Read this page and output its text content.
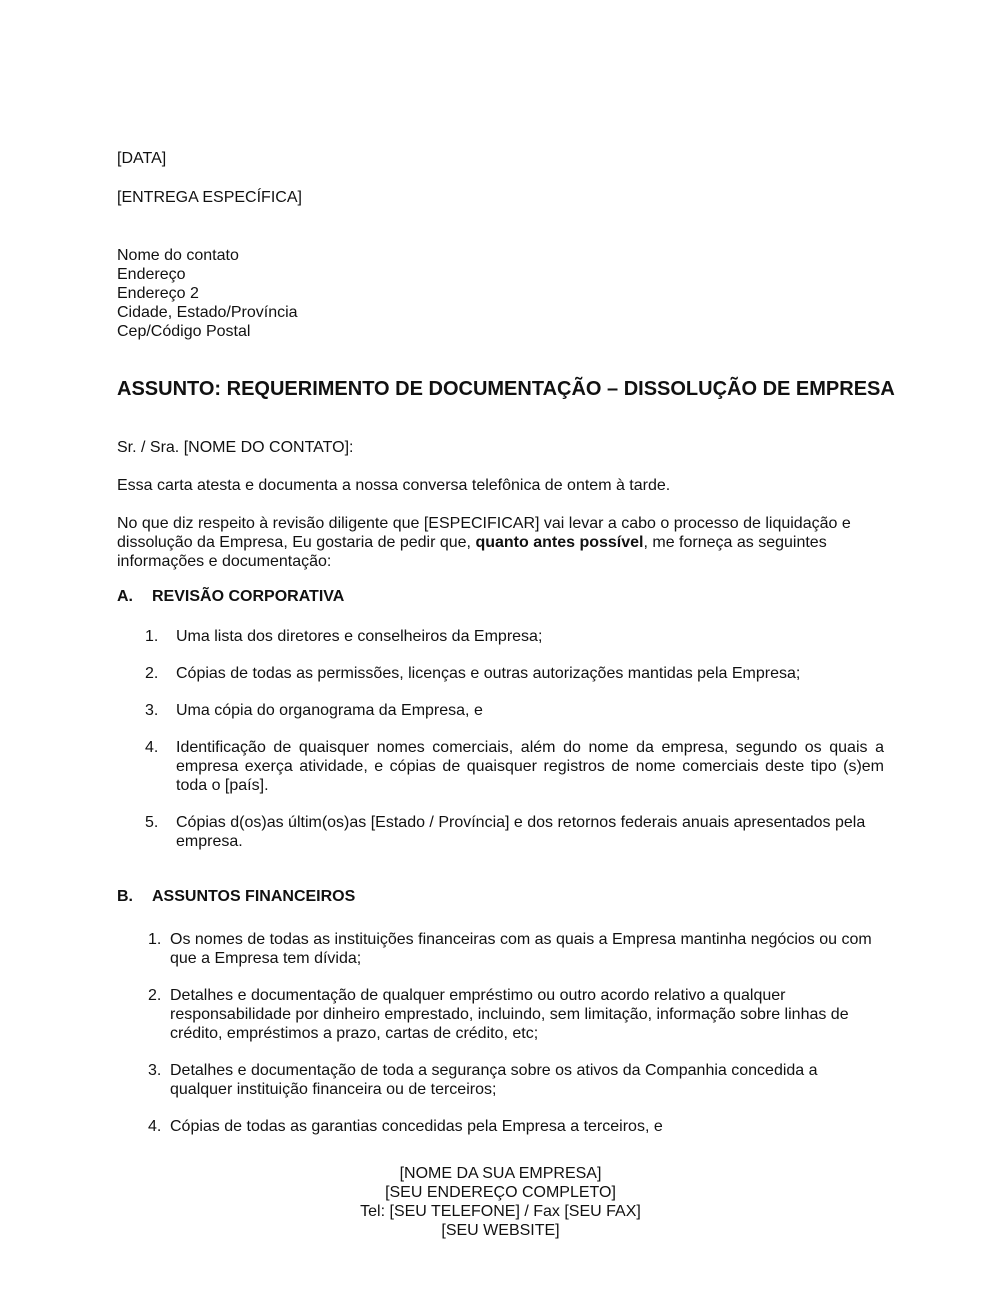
[DATA]

[ENTREGA ESPECÍFICA]

Nome do contato
Endereço
Endereço 2
Cidade, Estado/Província
Cep/Código Postal

ASSUNTO: REQUERIMENTO DE DOCUMENTAÇÃO – DISSOLUÇÃO DE EMPRESA

Sr. / Sra. [NOME DO CONTATO]:

Essa carta atesta e documenta a nossa conversa telefônica de ontem à tarde.

No que diz respeito à revisão diligente que [ESPECIFICAR] vai levar a cabo o processo de liquidação e dissolução da Empresa, Eu gostaria de pedir que, quanto antes possível, me forneça as seguintes informações e documentação:

A. REVISÃO CORPORATIVA

1. Uma lista dos diretores e conselheiros da Empresa;
2. Cópias de todas as permissões, licenças e outras autorizações mantidas pela Empresa;
3. Uma cópia do organograma da Empresa, e
4. Identificação de quaisquer nomes comerciais, além do nome da empresa, segundo os quais a empresa exerça atividade, e cópias de quaisquer registros de nome comerciais deste tipo (s)em toda o [país].
5. Cópias d(os)as últim(os)as [Estado / Província] e dos retornos federais anuais apresentados pela empresa.

B. ASSUNTOS FINANCEIROS

1. Os nomes de todas as instituições financeiras com as quais a Empresa mantinha negócios ou com que a Empresa tem dívida;
2. Detalhes e documentação de qualquer empréstimo ou outro acordo relativo a qualquer responsabilidade por dinheiro emprestado, incluindo, sem limitação, informação sobre linhas de crédito, empréstimos a prazo, cartas de crédito, etc;
3. Detalhes e documentação de toda a segurança sobre os ativos da Companhia concedida a qualquer instituição financeira ou de terceiros;
4. Cópias de todas as garantias concedidas pela Empresa a terceiros, e
[NOME DA SUA EMPRESA]
[SEU ENDEREÇO COMPLETO]
Tel: [SEU TELEFONE] / Fax [SEU FAX]
[SEU WEBSITE]
